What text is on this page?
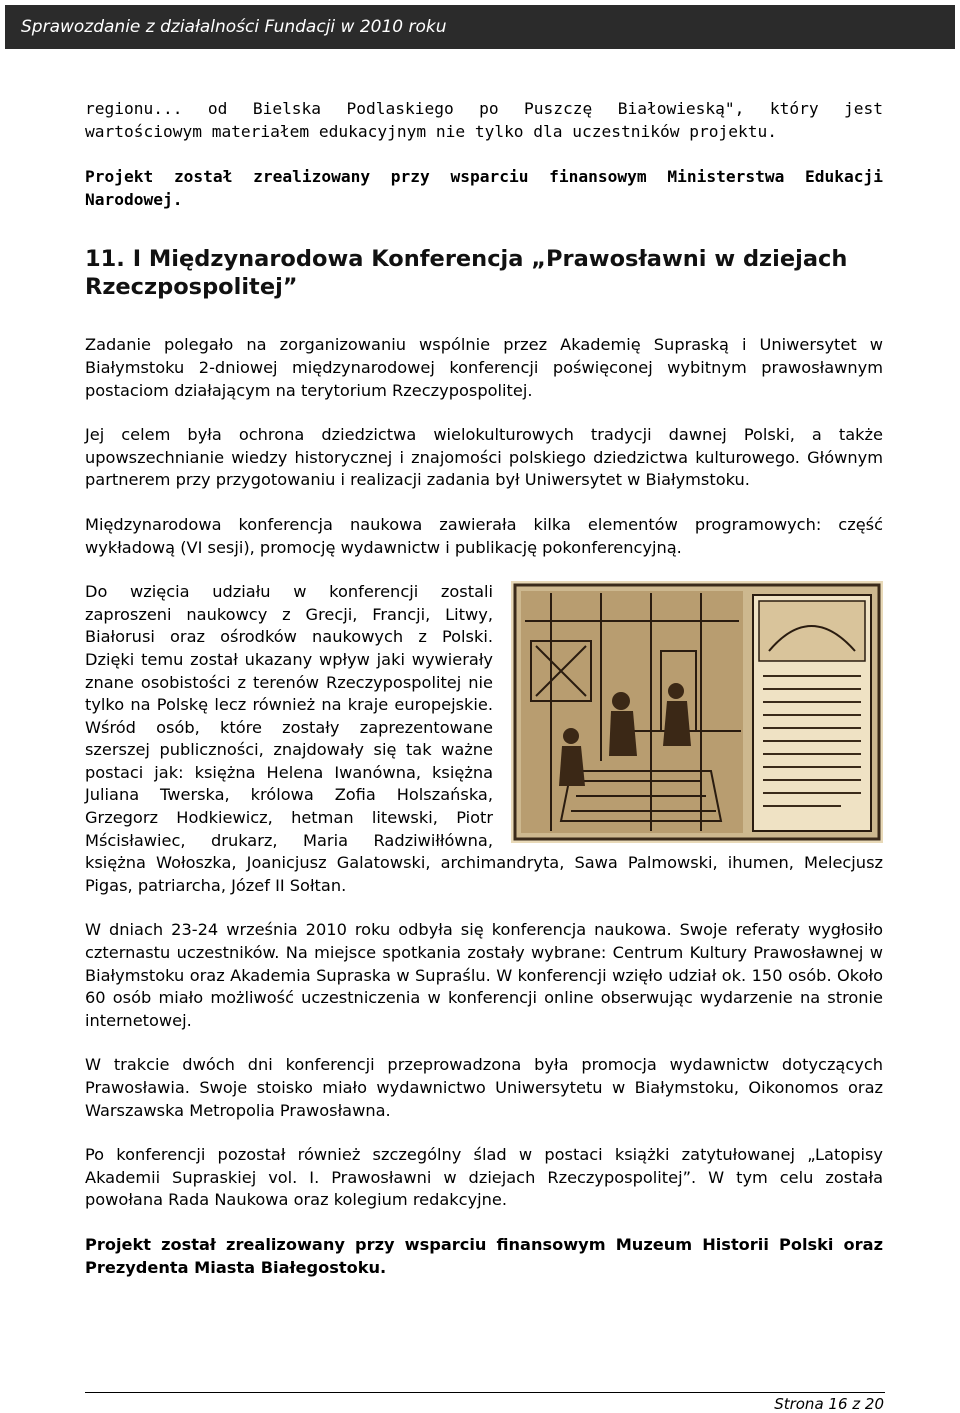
Sprawozdanie z działalności Fundacji w 2010 roku

regionu... od Bielska Podlaskiego po Puszczę Białowieską", który jest wartościowym materiałem edukacyjnym nie tylko dla uczestników projektu.

Projekt został zrealizowany przy wsparciu finansowym Ministerstwa Edukacji Narodowej.

11. I Międzynarodowa Konferencja „Prawosławni w dziejach Rzeczpospolitej”

Zadanie polegało na zorganizowaniu wspólnie przez Akademię Supraską i Uniwersytet w Białymstoku 2-dniowej międzynarodowej konferencji poświęconej wybitnym prawosławnym postaciom działającym na terytorium Rzeczypospolitej.

Jej celem była ochrona dziedzictwa wielokulturowych tradycji dawnej Polski, a także upowszechnianie wiedzy historycznej i znajomości polskiego dziedzictwa kulturowego. Głównym partnerem przy przygotowaniu i realizacji zadania był Uniwersytet w Białymstoku.

Międzynarodowa konferencja naukowa zawierała kilka elementów programowych: część wykładową (VI sesji), promocję wydawnictw i publikację pokonferencyjną.

Do wzięcia udziału w konferencji zostali zaproszeni naukowcy z Grecji, Francji, Litwy, Białorusi oraz ośrodków naukowych z Polski. Dzięki temu został ukazany wpływ jaki wywierały znane osobistości z terenów Rzeczypospolitej nie tylko na Polskę lecz również na kraje europejskie. Wśród osób, które zostały zaprezentowane szerszej publiczności, znajdowały się tak ważne postaci jak: księżna Helena Iwanówna, księżna Juliana Twerska, królowa Zofia Holszańska, Grzegorz Hodkiewicz, hetman litewski, Piotr Mścisławiec, drukarz, Maria Radziwiłłówna, księżna Wołoszka, Joanicjusz Galatowski, archimandryta, Sawa Palmowski, ihumen, Melecjusz Pigas, patriarcha, Józef II Sołtan.

W dniach 23-24 września 2010 roku odbyła się konferencja naukowa. Swoje referaty wygłosiło czternastu uczestników. Na miejsce spotkania zostały wybrane: Centrum Kultury Prawosławnej w Białymstoku oraz Akademia Supraska w Supraślu. W konferencji wzięło udział ok. 150 osób. Około 60 osób miało możliwość uczestniczenia w konferencji online obserwując wydarzenie na stronie internetowej.

W trakcie dwóch dni konferencji przeprowadzona była promocja wydawnictw dotyczących Prawosławia. Swoje stoisko miało wydawnictwo Uniwersytetu w Białymstoku, Oikonomos oraz Warszawska Metropolia Prawosławna.

Po konferencji pozostał również szczególny ślad w postaci książki zatytułowanej „Latopisy Akademii Supraskiej vol. I. Prawosławni w dziejach Rzeczypospolitej”. W tym celu została powołana Rada Naukowa oraz kolegium redakcyjne.

Projekt został zrealizowany przy wsparciu finansowym Muzeum Historii Polski oraz Prezydenta Miasta Białegostoku.

Strona 16 z 20
